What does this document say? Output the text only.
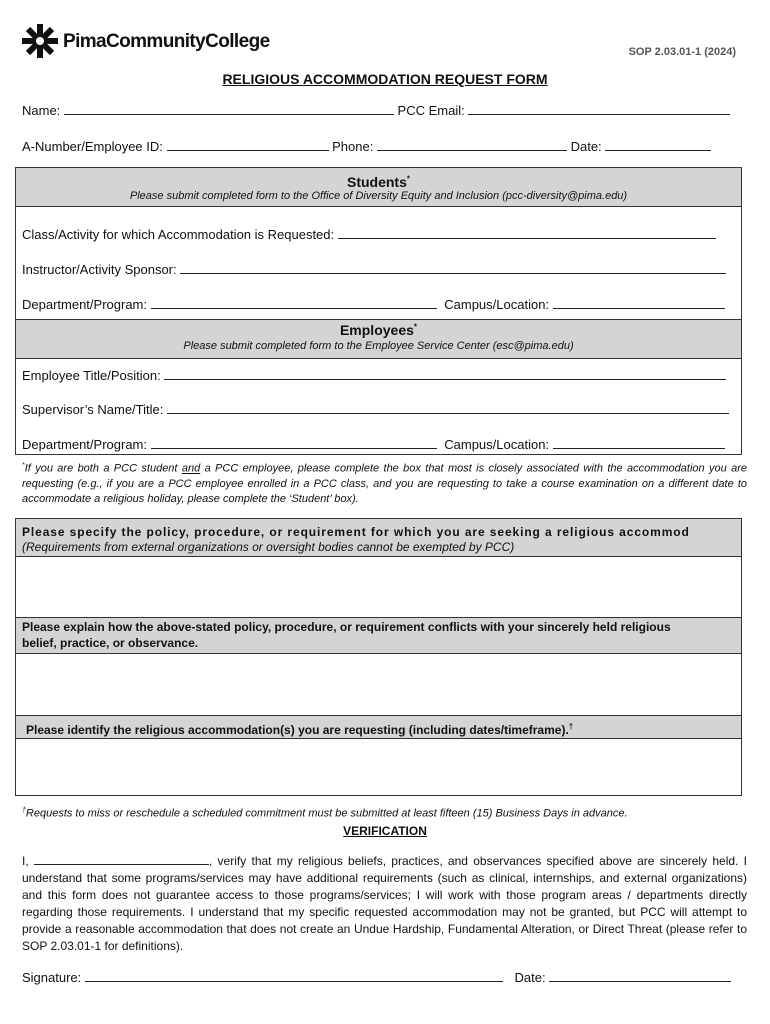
PimaCommunityCollege	SOP 2.03.01-1 (2024)
RELIGIOUS ACCOMMODATION REQUEST FORM
Name:	PCC Email:
A-Number/Employee ID:	Phone:	Date:
Students*
Please submit completed form to the Office of Diversity Equity and Inclusion (pcc-diversity@pima.edu)
Class/Activity for which Accommodation is Requested:
Instructor/Activity Sponsor:
Department/Program:	Campus/Location:
Employees*
Please submit completed form to the Employee Service Center (esc@pima.edu)
Employee Title/Position:
Supervisor’s Name/Title:
Department/Program:	Campus/Location:
*If you are both a PCC student and a PCC employee, please complete the box that most is closely associated with the accommodation you are requesting (e.g., if you are a PCC employee enrolled in a PCC class, and you are requesting to take a course examination on a different date to accommodate a religious holiday, please complete the ‘Student’ box).
Please specify the policy, procedure, or requirement for which you are seeking a religious accommod
(Requirements from external organizations or oversight bodies cannot be exempted by PCC)
Please explain how the above-stated policy, procedure, or requirement conflicts with your sincerely held religious belief, practice, or observance.
Please identify the religious accommodation(s) you are requesting (including dates/timeframe).†
†Requests to miss or reschedule a scheduled commitment must be submitted at least fifteen (15) Business Days in advance.
VERIFICATION
I,	, verify that my religious beliefs, practices, and observances specified above are sincerely held. I understand that some programs/services may have additional requirements (such as clinical, internships, and external organizations) and this form does not guarantee access to those programs/services; I will work with those program areas / departments directly regarding those requirements. I understand that my specific requested accommodation may not be granted, but PCC will attempt to provide a reasonable accommodation that does not create an Undue Hardship, Fundamental Alteration, or Direct Threat (please refer to SOP 2.03.01-1 for definitions).
Signature:	Date:
